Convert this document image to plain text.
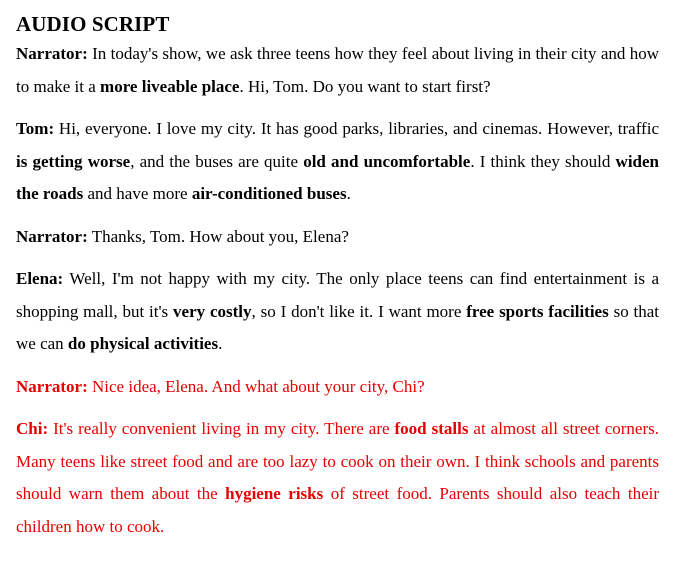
AUDIO SCRIPT

Narrator: In today's show, we ask three teens how they feel about living in their city and how to make it a more liveable place. Hi, Tom. Do you want to start first?

Tom: Hi, everyone. I love my city. It has good parks, libraries, and cinemas. However, traffic is getting worse, and the buses are quite old and uncomfortable. I think they should widen the roads and have more air-conditioned buses.

Narrator: Thanks, Tom. How about you, Elena?

Elena: Well, I'm not happy with my city. The only place teens can find entertainment is a shopping mall, but it's very costly, so I don't like it. I want more free sports facilities so that we can do physical activities.

Narrator: Nice idea, Elena. And what about your city, Chi?

Chi: It's really convenient living in my city. There are food stalls at almost all street corners. Many teens like street food and are too lazy to cook on their own. I think schools and parents should warn them about the hygiene risks of street food. Parents should also teach their children how to cook.
